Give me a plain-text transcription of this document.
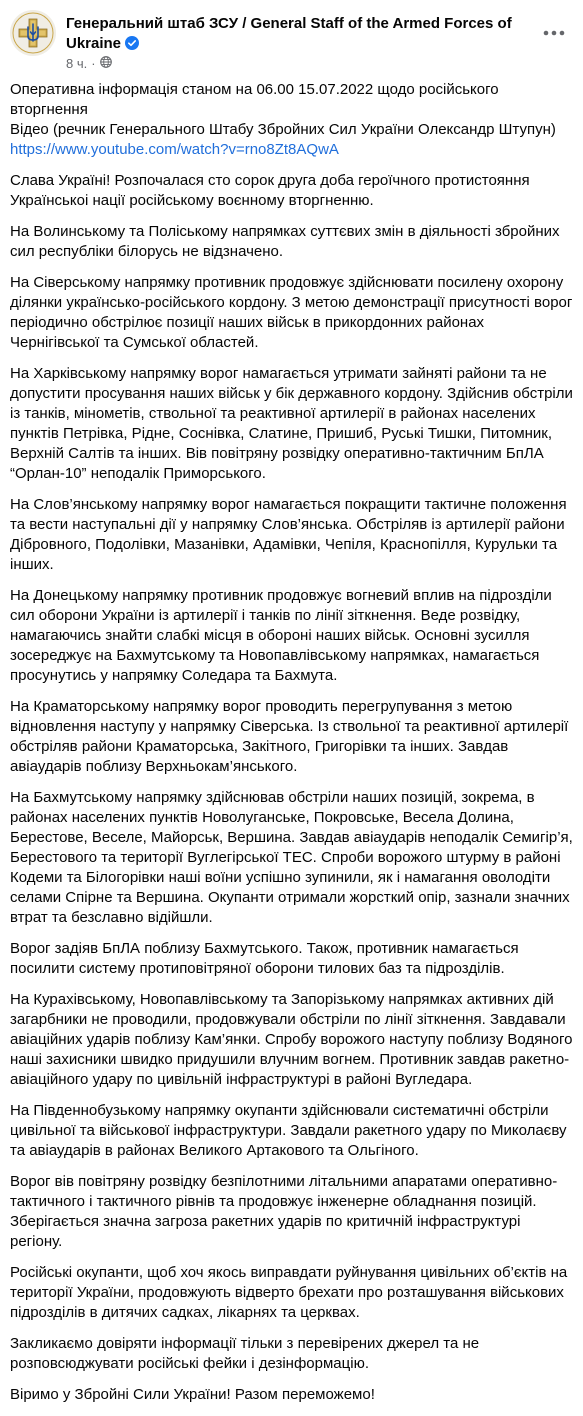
Генеральний штаб ЗСУ / General Staff of the Armed Forces of Ukraine
8 ч. ·

Оперативна інформація станом на 06.00 15.07.2022 щодо російського вторгнення
Відео (речник Генерального Штабу Збройних Сил України Олександр Штупун)
https://www.youtube.com/watch?v=rno8Zt8AQwA

Слава Україні! Розпочалася сто сорок друга доба героїчного протистояння Українськоі нації російському воєнному вторгненню.

На Волинському та Поліському напрямках суттєвих змін в діяльності збройних сил республіки білорусь не відзначено.

На Сіверському напрямку противник продовжує здійснювати посилену охорону ділянки українсько-російського кордону. З метою демонстрації присутності ворог періодично обстрілює позиції наших військ в прикордонних районах Чернігівської та Сумської областей.

На Харківському напрямку ворог намагається утримати зайняті райони та не допустити просування наших військ у бік державного кордону. Здійснив обстріли із танків, мінометів, ствольної та реактивної артилерії в районах населених пунктів Петрівка, Рідне, Соснівка, Слатине, Пришиб, Руські Тишки, Питомник, Верхній Салтів та інших. Вів повітряну розвідку оперативно-тактичним БпЛА “Орлан-10” неподалік Приморського.

На Слов’янському напрямку ворог намагається покращити тактичне положення та вести наступальні дії у напрямку Слов’янська. Обстріляв із артилерії райони Дібровного, Подолівки, Мазанівки, Адамівки, Чепіля, Краснопілля, Курульки та інших.

На Донецькому напрямку противник продовжує вогневий вплив на підрозділи сил оборони України із артилерії і танків по лінії зіткнення. Веде розвідку, намагаючись знайти слабкі місця в обороні наших військ. Основні зусилля зосереджує на Бахмутському та Новопавлівському напрямках, намагається просунутись у напрямку Соледара та Бахмута.

На Краматорському напрямку ворог проводить перегрупування з метою відновлення наступу у напрямку Сіверська. Із ствольної та реактивної артилерії обстріляв райони Краматорська, Закітного, Григорівки та інших. Завдав авіаударів поблизу Верхньокам’янського.

На Бахмутському напрямку здійснював обстріли наших позицій, зокрема, в районах населених пунктів Новолуганське, Покровське, Весела Долина, Берестове, Веселе, Майорськ, Вершина. Завдав авіаударів неподалік Семигір’я, Берестового та території Вуглегірської ТЕС. Спроби ворожого штурму в районі Кодеми та Білогорівки наші воїни успішно зупинили, як і намагання оволодіти селами Спірне та Вершина. Окупанти отримали жорсткий опір, зазнали значних втрат та безславно відійшли.

Ворог задіяв БпЛА поблизу Бахмутського. Також, противник намагається посилити систему протиповітряної оборони тилових баз та підрозділів.

На Курахівському, Новопавлівському та Запорізькому напрямках активних дій загарбники не проводили, продовжували обстріли по лінії зіткнення. Завдавали авіаційних ударів поблизу Кам’янки. Спробу ворожого наступу поблизу Водяного наші захисники швидко придушили влучним вогнем. Противник завдав ракетно-авіаційного удару по цивільній інфраструктурі в районі Вугледара.

На Південнобузькому напрямку окупанти здійснювали систематичні обстріли цивільної та військової інфраструктури. Завдали ракетного удару по Миколаєву та авіаударів в районах Великого Артакового та Ольгіного.

Ворог вів повітряну розвідку безпілотними літальними апаратами оперативно-тактичного і тактичного рівнів та продовжує інженерне обладнання позицій. Зберігається значна загроза ракетних ударів по критичній інфраструктурі регіону.

Російські окупанти, щоб хоч якось виправдати руйнування цивільних об’єктів на території України, продовжують відверто брехати про розташування військових підрозділів в дитячих садках, лікарнях та церквах.

Закликаємо довіряти інформації тільки з перевірених джерел та не розповсюджувати російські фейки і дезінформацію.

Віримо у Збройні Сили України! Разом переможемо!
